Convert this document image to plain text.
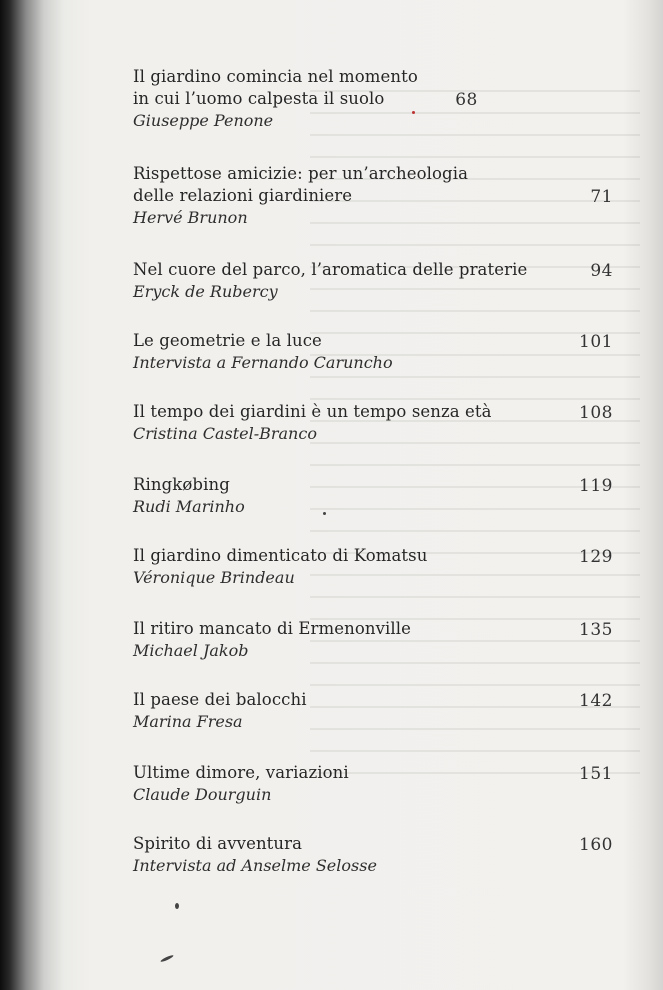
Il giardino comincia nel momento
in cui l’uomo calpesta il suolo
Giuseppe Penone
68
Rispettose amicizie: per un’archeologia
delle relazioni giardiniere
Hervé Brunon
71
Nel cuore del parco, l’aromatica delle praterie
Eryck de Rubercy
94
Le geometrie e la luce
Intervista a Fernando Caruncho
101
Il tempo dei giardini è un tempo senza età
Cristina Castel-Branco
108
Ringkøbing
Rudi Marinho
119
Il giardino dimenticato di Komatsu
Véronique Brindeau
129
Il ritiro mancato di Ermenonville
Michael Jakob
135
Il paese dei balocchi
Marina Fresa
142
Ultime dimore, variazioni
Claude Dourguin
151
Spirito di avventura
Intervista ad Anselme Selosse
160
